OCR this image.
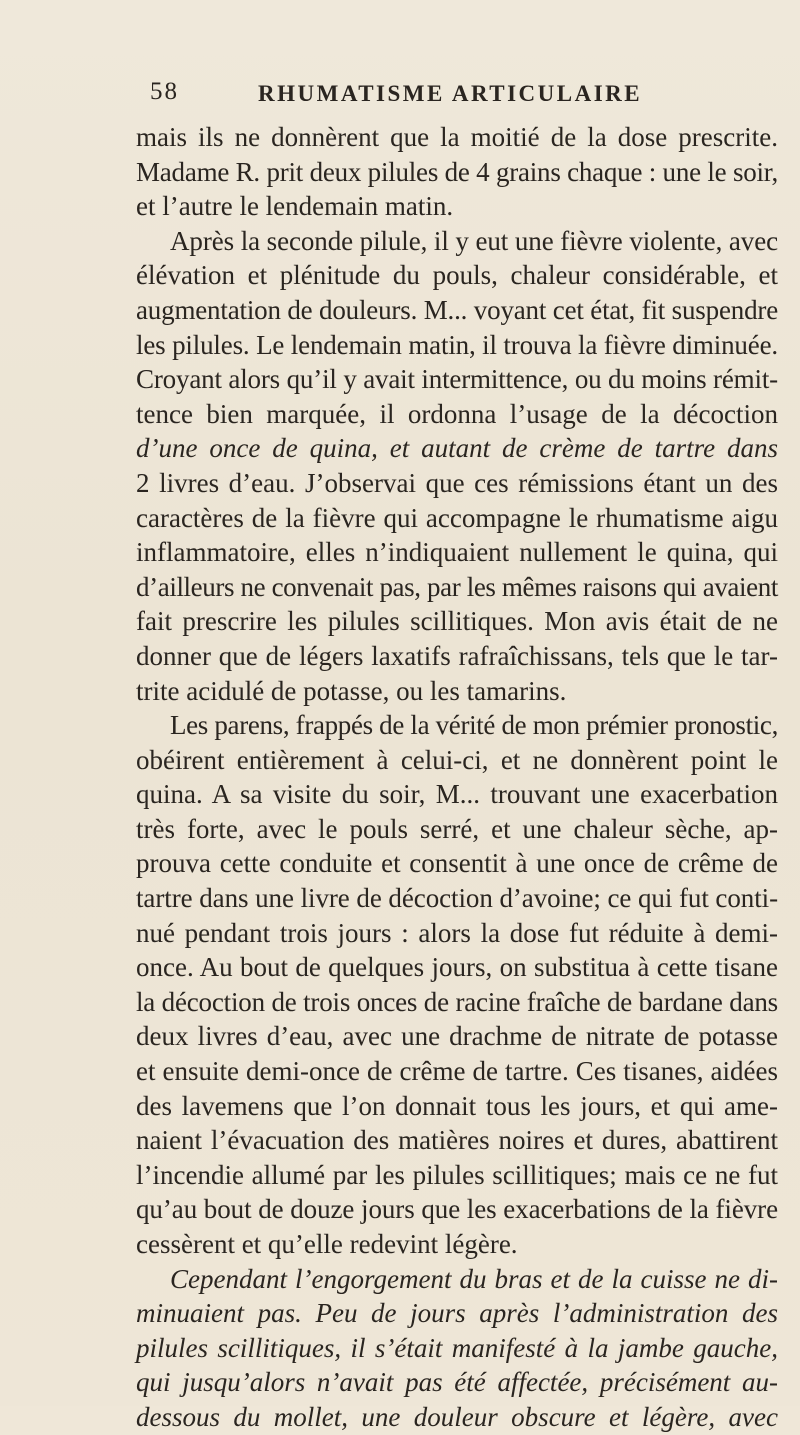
58	RHUMATISME ARTICULAIRE
mais ils ne donnèrent que la moitié de la dose prescrite.
Madame R. prit deux pilules de 4 grains chaque : une le soir,
et l’autre le lendemain matin.
Après la seconde pilule, il y eut une fièvre violente, avec
élévation et plénitude du pouls, chaleur considérable, et
augmentation de douleurs. M... voyant cet état, fit suspendre
les pilules. Le lendemain matin, il trouva la fièvre diminuée.
Croyant alors qu’il y avait intermittence, ou du moins rémit-
tence bien marquée, il ordonna l’usage de la décoction
d’une once de quina, et autant de crème de tartre dans
2 livres d’eau. J’observai que ces rémissions étant un des
caractères de la fièvre qui accompagne le rhumatisme aigu
inflammatoire, elles n’indiquaient nullement le quina, qui
d’ailleurs ne convenait pas, par les mêmes raisons qui avaient
fait prescrire les pilules scillitiques. Mon avis était de ne
donner que de légers laxatifs rafraîchissans, tels que le tar-
trite acidulé de potasse, ou les tamarins.
Les parens, frappés de la vérité de mon prémier pronostic,
obéirent entièrement à celui-ci, et ne donnèrent point le
quina. A sa visite du soir, M... trouvant une exacerbation
très forte, avec le pouls serré, et une chaleur sèche, ap-
prouva cette conduite et consentit à une once de crême de
tartre dans une livre de décoction d’avoine; ce qui fut conti-
nué pendant trois jours : alors la dose fut réduite à demi-
once. Au bout de quelques jours, on substitua à cette tisane
la décoction de trois onces de racine fraîche de bardane dans
deux livres d’eau, avec une drachme de nitrate de potasse
et ensuite demi-once de crême de tartre. Ces tisanes, aidées
des lavemens que l’on donnait tous les jours, et qui ame-
naient l’évacuation des matières noires et dures, abattirent
l’incendie allumé par les pilules scillitiques; mais ce ne fut
qu’au bout de douze jours que les exacerbations de la fièvre
cessèrent et qu’elle redevint légère.
Cependant l’engorgement du bras et de la cuisse ne di-
minuaient pas. Peu de jours après l’administration des
pilules scillitiques, il s’était manifesté à la jambe gauche,
qui jusqu’alors n’avait pas été affectée, précisément au-
dessous du mollet, une douleur obscure et légère, avec
